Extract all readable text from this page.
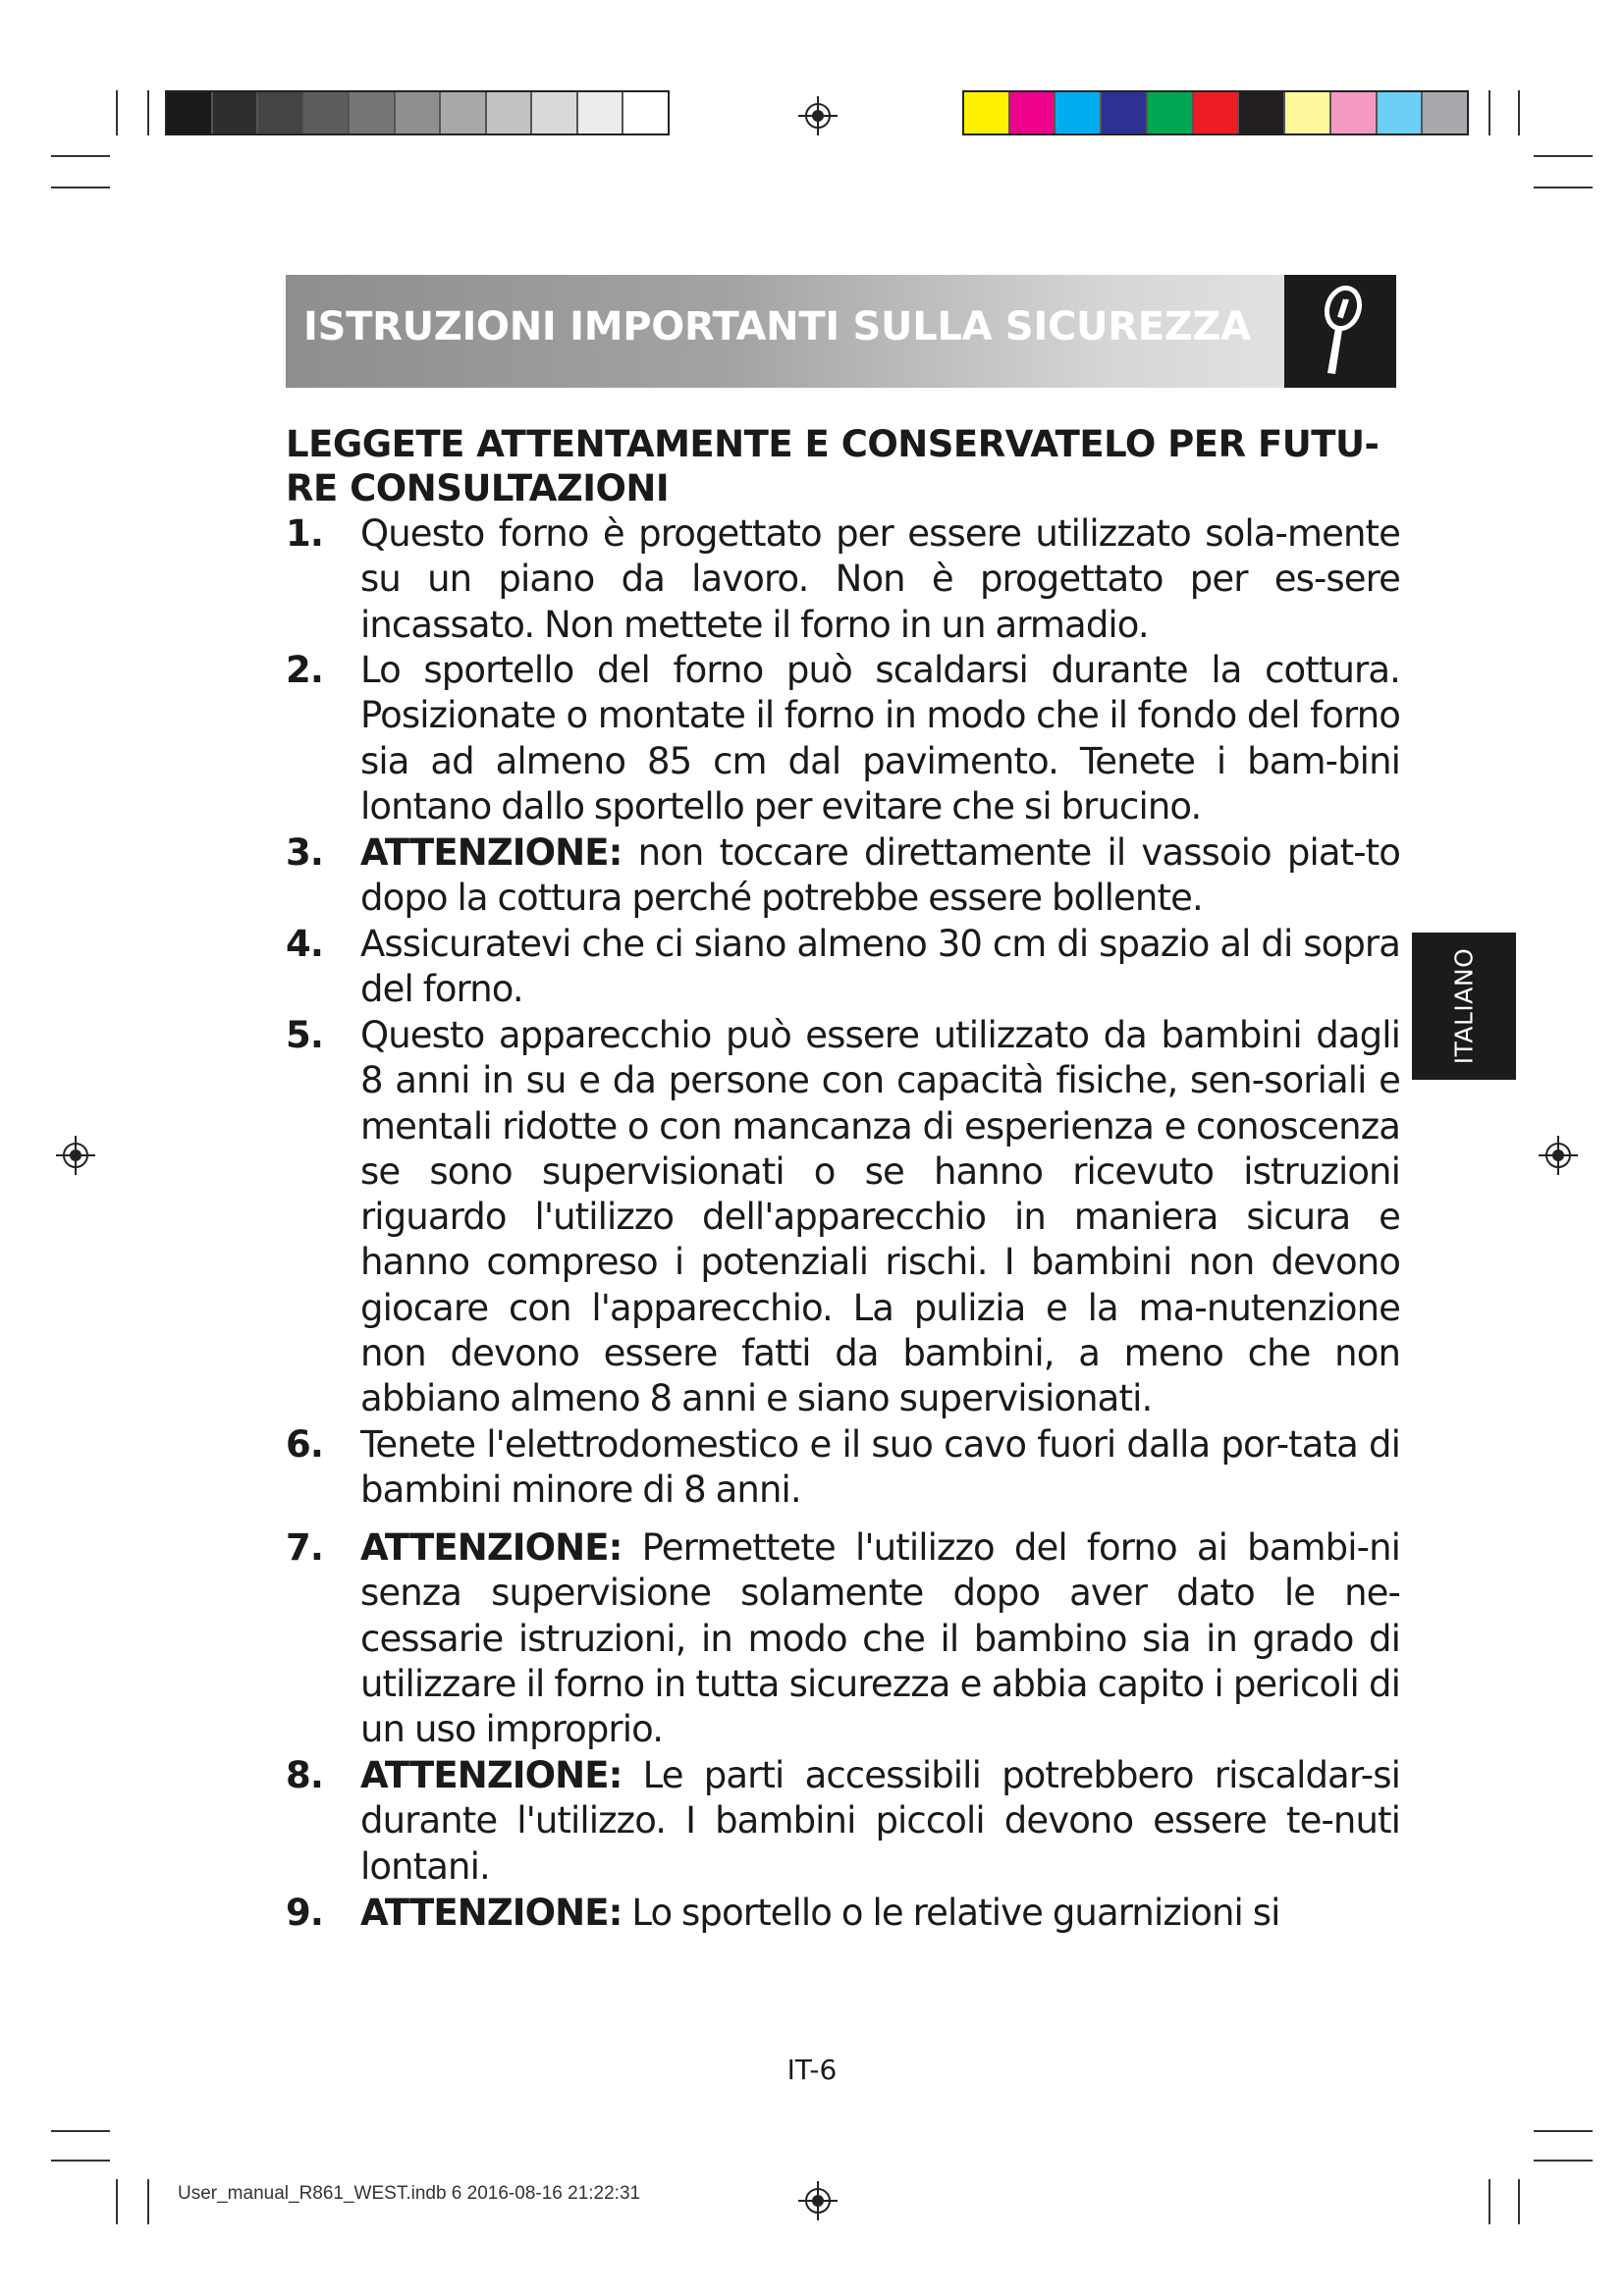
ISTRUZIONI IMPORTANTI SULLA SICUREZZA
LEGGETE ATTENTAMENTE E CONSERVATELO PER FUTU-RE CONSULTAZIONI
1.	Questo forno è progettato per essere utilizzato sola-mente su un piano da lavoro. Non è progettato per es-sere incassato. Non mettete il forno in un armadio.
2.	Lo sportello del forno può scaldarsi durante la cottura. Posizionate o montate il forno in modo che il fondo del forno sia ad almeno 85 cm dal pavimento. Tenete i bam-bini lontano dallo sportello per evitare che si brucino.
3.	ATTENZIONE: non toccare direttamente il vassoio piat-to dopo la cottura perché potrebbe essere bollente.
4.	Assicuratevi che ci siano almeno 30 cm di spazio al di sopra del forno.
5.	Questo apparecchio può essere utilizzato da bambini dagli 8 anni in su e da persone con capacità fisiche, sen-soriali e mentali ridotte o con mancanza di esperienza e conoscenza se sono supervisionati o se hanno ricevuto istruzioni riguardo l'utilizzo dell'apparecchio in maniera sicura e hanno compreso i potenziali rischi. I bambini non devono giocare con l'apparecchio. La pulizia e la ma-nutenzione non devono essere fatti da bambini, a meno che non abbiano almeno 8 anni e siano supervisionati.
6.	Tenete l'elettrodomestico e il suo cavo fuori dalla por-tata di bambini minore di 8 anni.
7.	ATTENZIONE: Permettete l'utilizzo del forno ai bambi-ni senza supervisione solamente dopo aver dato le ne-cessarie istruzioni, in modo che il bambino sia in grado di utilizzare il forno in tutta sicurezza e abbia capito i pericoli di un uso improprio.
8.	ATTENZIONE: Le parti accessibili potrebbero riscaldar-si durante l'utilizzo. I bambini piccoli devono essere te-nuti lontani.
9.	ATTENZIONE: Lo sportello o le relative guarnizioni si
ITALIANO
IT-6
User_manual_R861_WEST.indb 6 2016-08-16 21:22:31
